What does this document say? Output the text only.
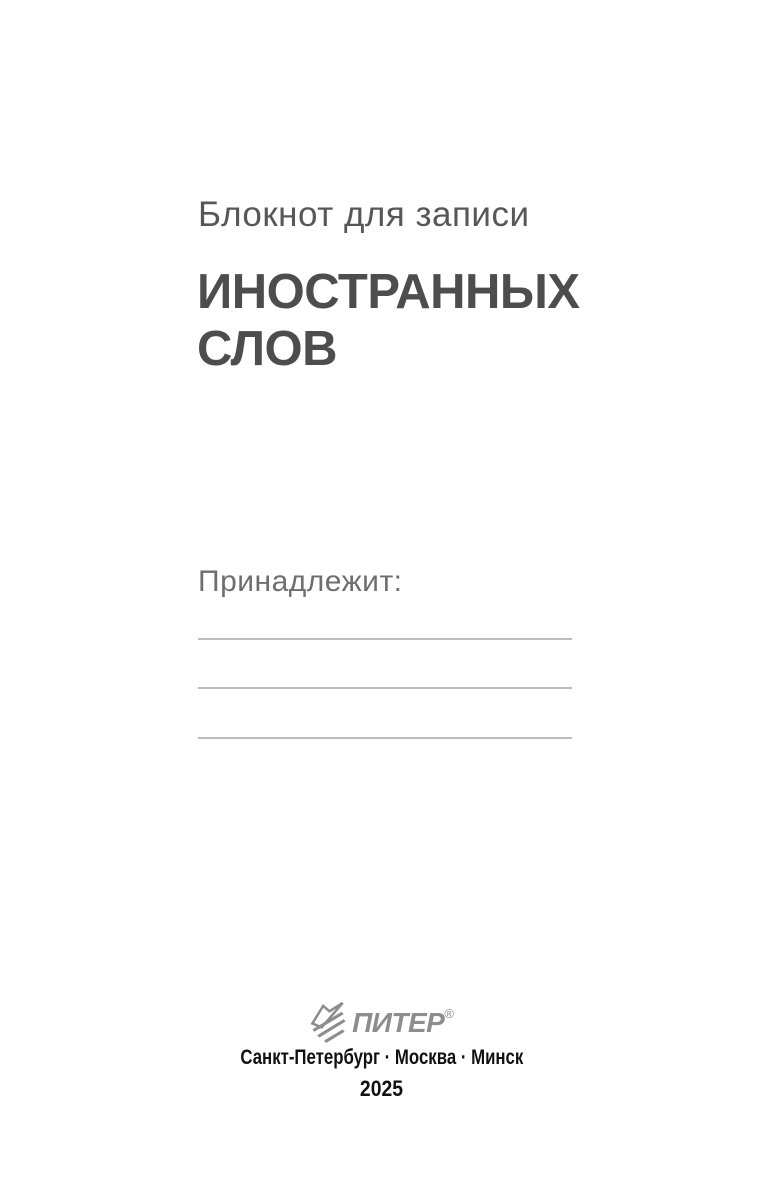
Блокнот для записи
ИНОСТРАННЫХ
СЛОВ
Принадлежит:
ПИТЕР ®
Санкт-Петербург · Москва · Минск
2025
